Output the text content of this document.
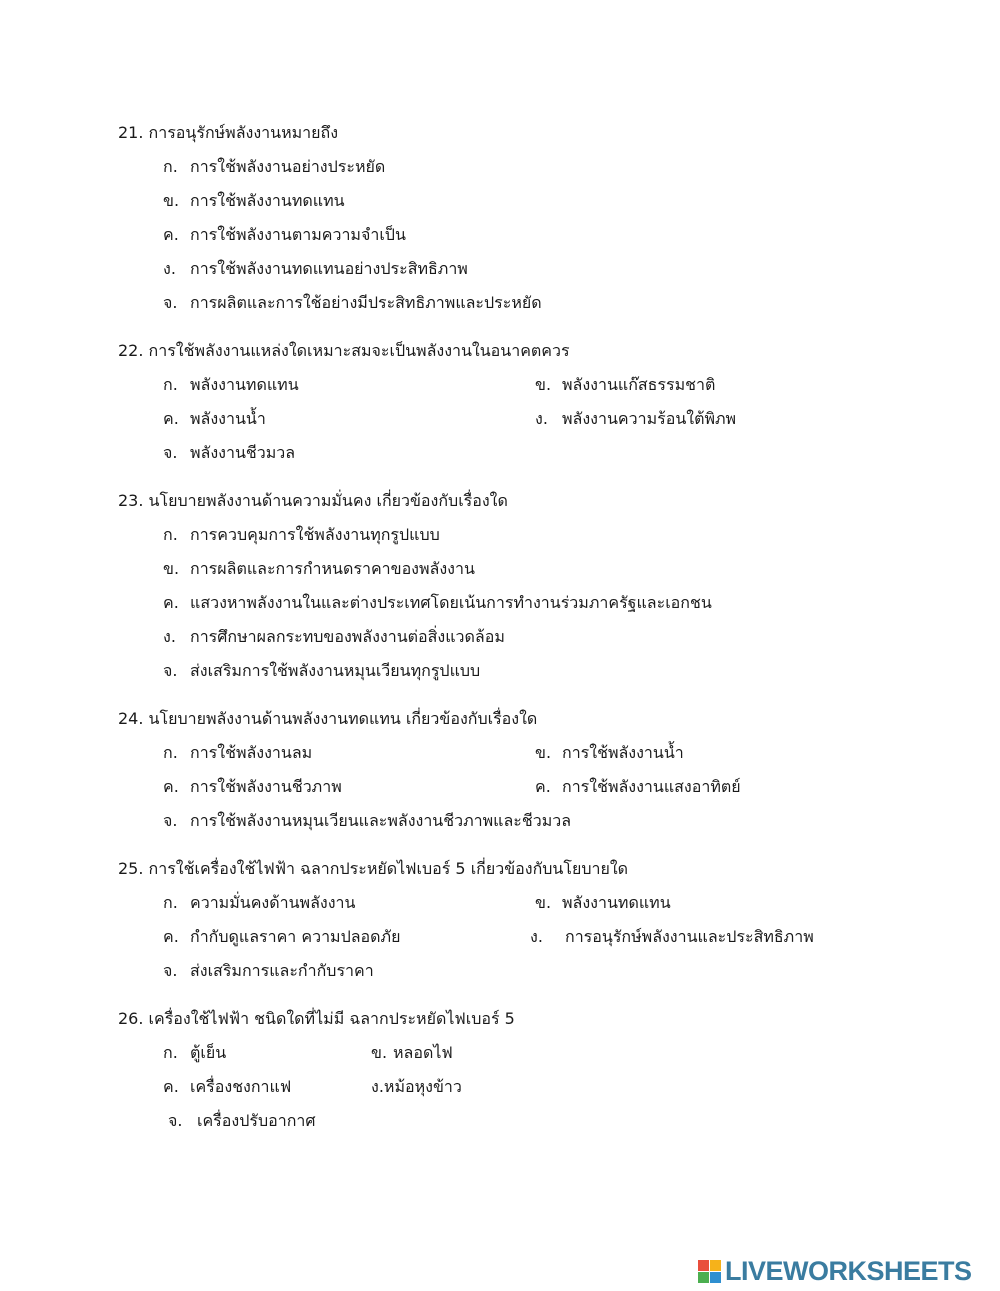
21. การอนุรักษ์พลังงานหมายถึง
ก. การใช้พลังงานอย่างประหยัด
ข. การใช้พลังงานทดแทน
ค. การใช้พลังงานตามความจำเป็น
ง. การใช้พลังงานทดแทนอย่างประสิทธิภาพ
จ. การผลิตและการใช้อย่างมีประสิทธิภาพและประหยัด
22. การใช้พลังงานแหล่งใดเหมาะสมจะเป็นพลังงานในอนาคตควร
ก. พลังงานทดแทน	ข. พลังงานแก๊สธรรมชาติ
ค. พลังงานน้ำ	ง. พลังงานความร้อนใต้พิภพ
จ. พลังงานชีวมวล
23. นโยบายพลังงานด้านความมั่นคง เกี่ยวข้องกับเรื่องใด
ก. การควบคุมการใช้พลังงานทุกรูปแบบ
ข. การผลิตและการกำหนดราคาของพลังงาน
ค. แสวงหาพลังงานในและต่างประเทศโดยเน้นการทำงานร่วมภาครัฐและเอกชน
ง. การศึกษาผลกระทบของพลังงานต่อสิ่งแวดล้อม
จ. ส่งเสริมการใช้พลังงานหมุนเวียนทุกรูปแบบ
24. นโยบายพลังงานด้านพลังงานทดแทน เกี่ยวข้องกับเรื่องใด
ก. การใช้พลังงานลม	ข. การใช้พลังงานน้ำ
ค. การใช้พลังงานชีวภาพ	ค. การใช้พลังงานแสงอาทิตย์
จ. การใช้พลังงานหมุนเวียนและพลังงานชีวภาพและชีวมวล
25. การใช้เครื่องใช้ไฟฟ้า ฉลากประหยัดไฟเบอร์ 5 เกี่ยวข้องกับนโยบายใด
ก. ความมั่นคงด้านพลังงาน	ข. พลังงานทดแทน
ค. กำกับดูแลราคา ความปลอดภัย	ง. การอนุรักษ์พลังงานและประสิทธิภาพ
จ. ส่งเสริมการและกำกับราคา
26. เครื่องใช้ไฟฟ้า ชนิดใดที่ไม่มี ฉลากประหยัดไฟเบอร์ 5
ก. ตู้เย็น	ข. หลอดไฟ
ค. เครื่องชงกาแฟ	ง.หม้อหุงข้าว
จ. เครื่องปรับอากาศ
LIVEWORKSHEETS
